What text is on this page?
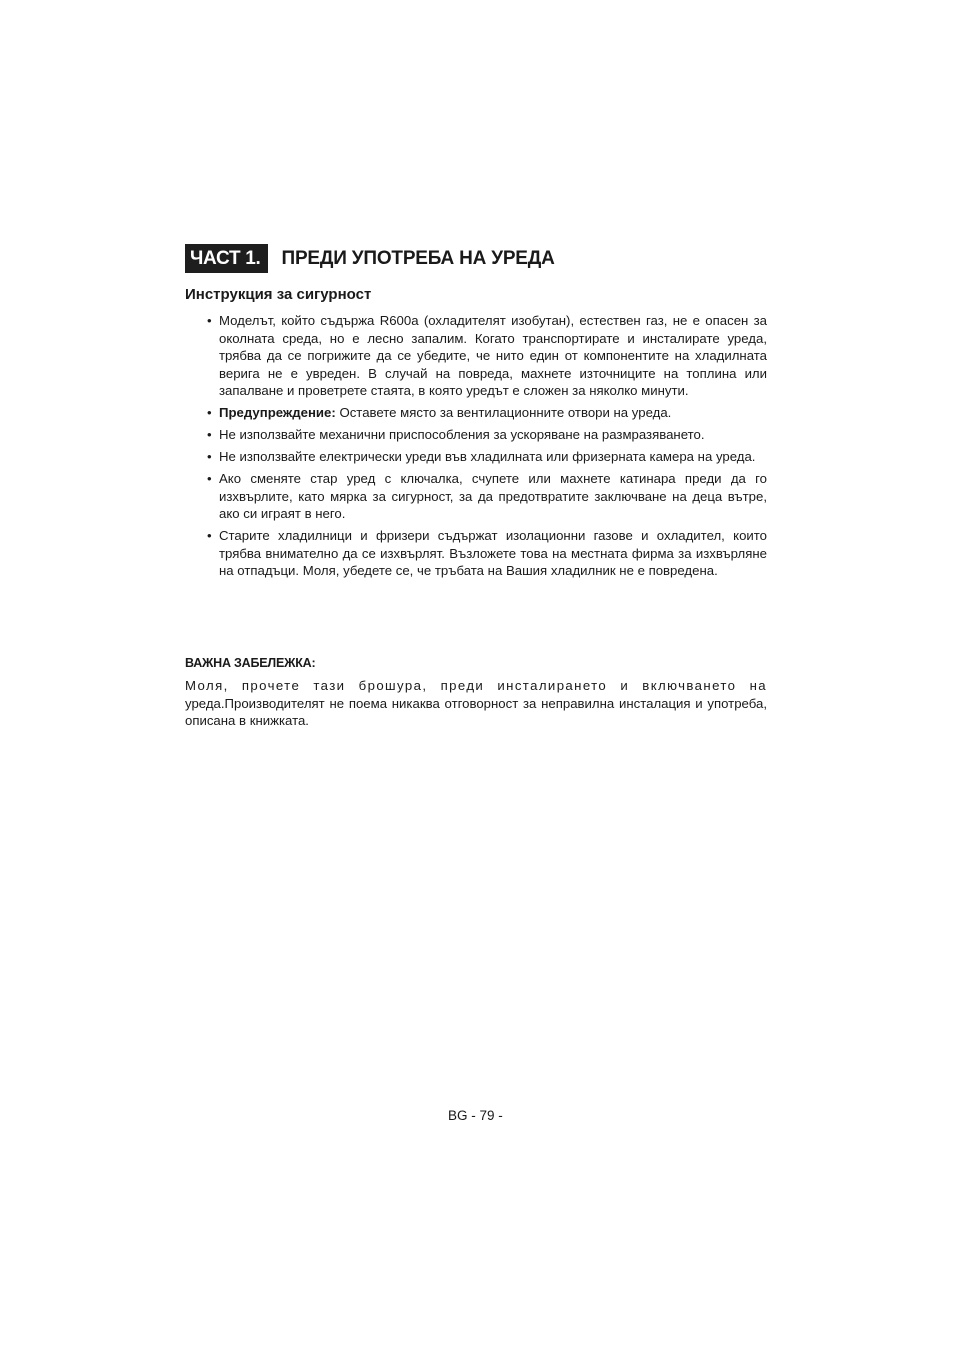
ЧАСТ 1.	ПРЕДИ УПОТРЕБА НА УРЕДА
Инструкция за сигурност
• Моделът, който съдържа R600a (охладителят изобутан), естествен газ, не е опасен за околната среда, но е лесно запалим. Когато транспортирате и инсталирате уреда, трябва да се погрижите да се убедите, че нито един от компонентите на хладилната верига не е увреден. В случай на повреда, махнете източниците на топлина или запалване и проветрете стаята, в която уредът е сложен за няколко минути.
• Предупреждение: Оставете място за вентилационните отвори на уреда.
• Не използвайте механични приспособления за ускоряване на размразяването.
• Не използвайте електрически уреди във хладилната или фризерната камера на уреда.
• Ако сменяте стар уред с ключалка, счупете или махнете катинара преди да го изхвърлите, като мярка за сигурност, за да предотвратите заключване на деца вътре, ако си играят в него.
• Старите хладилници и фризери съдържат изолационни газове и охладител, които трябва внимателно да се изхвърлят. Възложете това на местната фирма за изхвърляне на отпадъци. Моля, убедете се, че тръбата на Вашия хладилник не е повредена.
ВАЖНА ЗАБЕЛЕЖКА:

Моля, прочете тази брошура, преди инсталирането и включването на уреда.Производителят не поема никаква отговорност за неправилна инсталация и употреба, описана в книжката.

BG - 79 -
